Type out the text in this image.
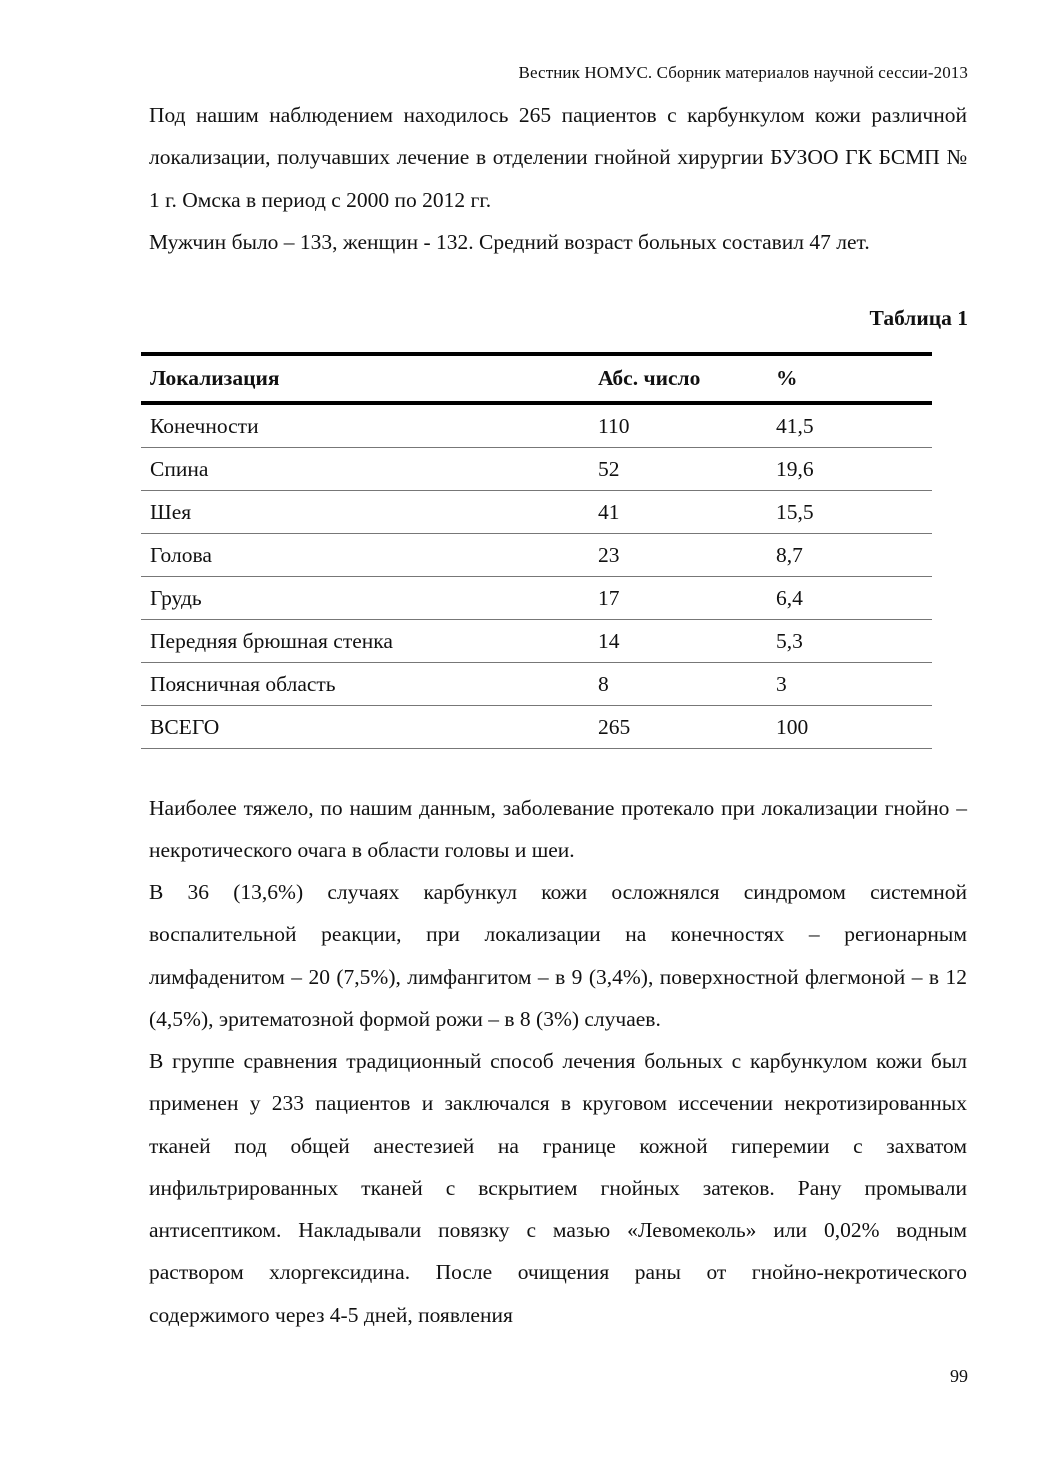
Вестник НОМУС. Сборник материалов научной сессии-2013
Под нашим наблюдением находилось 265 пациентов с карбункулом кожи различной локализации, получавших лечение в отделении гнойной хирургии БУЗОО ГК БСМП № 1 г. Омска в период с 2000 по 2012 гг.
Мужчин было – 133, женщин - 132. Средний возраст больных составил 47 лет.
Таблица 1
Локализация	Абс. число	%
Конечности	110	41,5
Спина	52	19,6
Шея	41	15,5
Голова	23	8,7
Грудь	17	6,4
Передняя брюшная стенка	14	5,3
Поясничная область	8	3
ВСЕГО	265	100
Наиболее тяжело, по нашим данным, заболевание протекало при локализации гнойно – некротического очага в области головы и шеи.
В 36 (13,6%) случаях карбункул кожи осложнялся синдромом системной воспалительной реакции, при локализации на конечностях – регионарным лимфаденитом – 20 (7,5%), лимфангитом – в 9 (3,4%), поверхностной флегмоной – в 12 (4,5%), эритематозной формой рожи – в 8 (3%) случаев.
В группе сравнения традиционный способ лечения больных с карбункулом кожи был применен у 233 пациентов и заключался в круговом иссечении некротизированных тканей под общей анестезией на границе кожной гиперемии с захватом инфильтрированных тканей с вскрытием гнойных затеков. Рану промывали антисептиком. Накладывали повязку с мазью «Левомеколь» или 0,02% водным раствором хлоргексидина. После очищения раны от гнойно-некротического содержимого через 4-5 дней, появления
99
